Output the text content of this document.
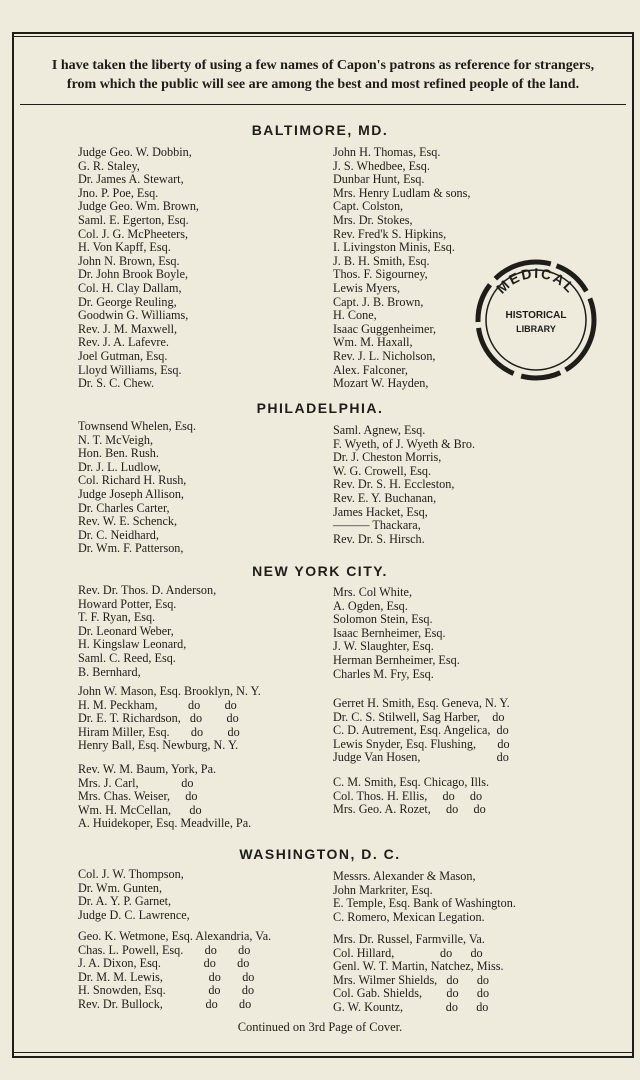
I have taken the liberty of using a few names of Capon's patrons as reference for strangers,
from which the public will see are among the best and most refined people of the land.
BALTIMORE, MD.
Judge Geo. W. Dobbin,
G. R. Staley,
Dr. James A. Stewart,
Jno. P. Poe, Esq.
Judge Geo. Wm. Brown,
Saml. E. Egerton, Esq.
Col. J. G. McPheeters,
H. Von Kapff, Esq.
John N. Brown, Esq.
Dr. John Brook Boyle,
Col. H. Clay Dallam,
Dr. George Reuling,
Goodwin G. Williams,
Rev. J. M. Maxwell,
Rev. J. A. Lafevre.
Joel Gutman, Esq.
Lloyd Williams, Esq.
Dr. S. C. Chew.
John H. Thomas, Esq.
J. S. Whedbee, Esq.
Dunbar Hunt, Esq.
Mrs. Henry Ludlam & sons,
Capt. Colston,
Mrs. Dr. Stokes,
Rev. Fred'k S. Hipkins,
I. Livingston Minis, Esq.
J. B. H. Smith, Esq.
Thos. F. Sigourney,
Lewis Myers,
Capt. J. B. Brown,
H. Cone,
Isaac Guggenheimer,
Wm. M. Haxall,
Rev. J. L. Nicholson,
Alex. Falconer,
Mozart W. Hayden,
MEDICAL
HISTORICAL
LIBRARY
PHILADELPHIA.
Townsend Whelen, Esq.
N. T. McVeigh,
Hon. Ben. Rush.
Dr. J. L. Ludlow,
Col. Richard H. Rush,
Judge Joseph Allison,
Dr. Charles Carter,
Rev. W. E. Schenck,
Dr. C. Neidhard,
Dr. Wm. F. Patterson,
Saml. Agnew, Esq.
F. Wyeth, of J. Wyeth & Bro.
Dr. J. Cheston Morris,
W. G. Crowell, Esq.
Rev. Dr. S. H. Eccleston,
Rev. E. Y. Buchanan,
James Hacket, Esq,
——— Thackara,
Rev. Dr. S. Hirsch.
NEW YORK CITY.
Rev. Dr. Thos. D. Anderson,
Howard Potter, Esq.
T. F. Ryan, Esq.
Dr. Leonard Weber,
H. Kingslaw Leonard,
Saml. C. Reed, Esq.
B. Bernhard,
Mrs. Col White,
A. Ogden, Esq.
Solomon Stein, Esq.
Isaac Bernheimer, Esq.
J. W. Slaughter, Esq.
Herman Bernheimer, Esq.
Charles M. Fry, Esq.
John W. Mason, Esq. Brooklyn, N. Y.
H. M. Peckham,          do        do
Dr. E. T. Richardson,   do        do
Hiram Miller, Esq.       do        do
Henry Ball, Esq. Newburg, N. Y.
Gerret H. Smith, Esq. Geneva, N. Y.
Dr. C. S. Stilwell, Sag Harber,    do
C. D. Autrement, Esq. Angelica,  do
Lewis Snyder, Esq. Flushing,       do
Judge Van Hosen,                         do
Rev. W. M. Baum, York, Pa.
Mrs. J. Carl,              do
Mrs. Chas. Weiser,     do
Wm. H. McCellan,      do
A. Huidekoper, Esq. Meadville, Pa.
C. M. Smith, Esq. Chicago, Ills.
Col. Thos. H. Ellis,     do     do
Mrs. Geo. A. Rozet,     do     do
WASHINGTON, D. C.
Col. J. W. Thompson,
Dr. Wm. Gunten,
Dr. A. Y. P. Garnet,
Judge D. C. Lawrence,
Messrs. Alexander & Mason,
John Markriter, Esq.
E. Temple, Esq. Bank of Washington.
C. Romero, Mexican Legation.
Geo. K. Wetmone, Esq. Alexandria, Va.
Chas. L. Powell, Esq.       do       do
J. A. Dixon, Esq.              do       do
Dr. M. M. Lewis,               do       do
H. Snowden, Esq.              do       do
Rev. Dr. Bullock,              do       do
Mrs. Dr. Russel, Farmville, Va.
Col. Hillard,               do      do
Genl. W. T. Martin, Natchez, Miss.
Mrs. Wilmer Shields,   do      do
Col. Gab. Shields,        do      do
G. W. Kountz,              do      do
Continued on 3rd Page of Cover.
